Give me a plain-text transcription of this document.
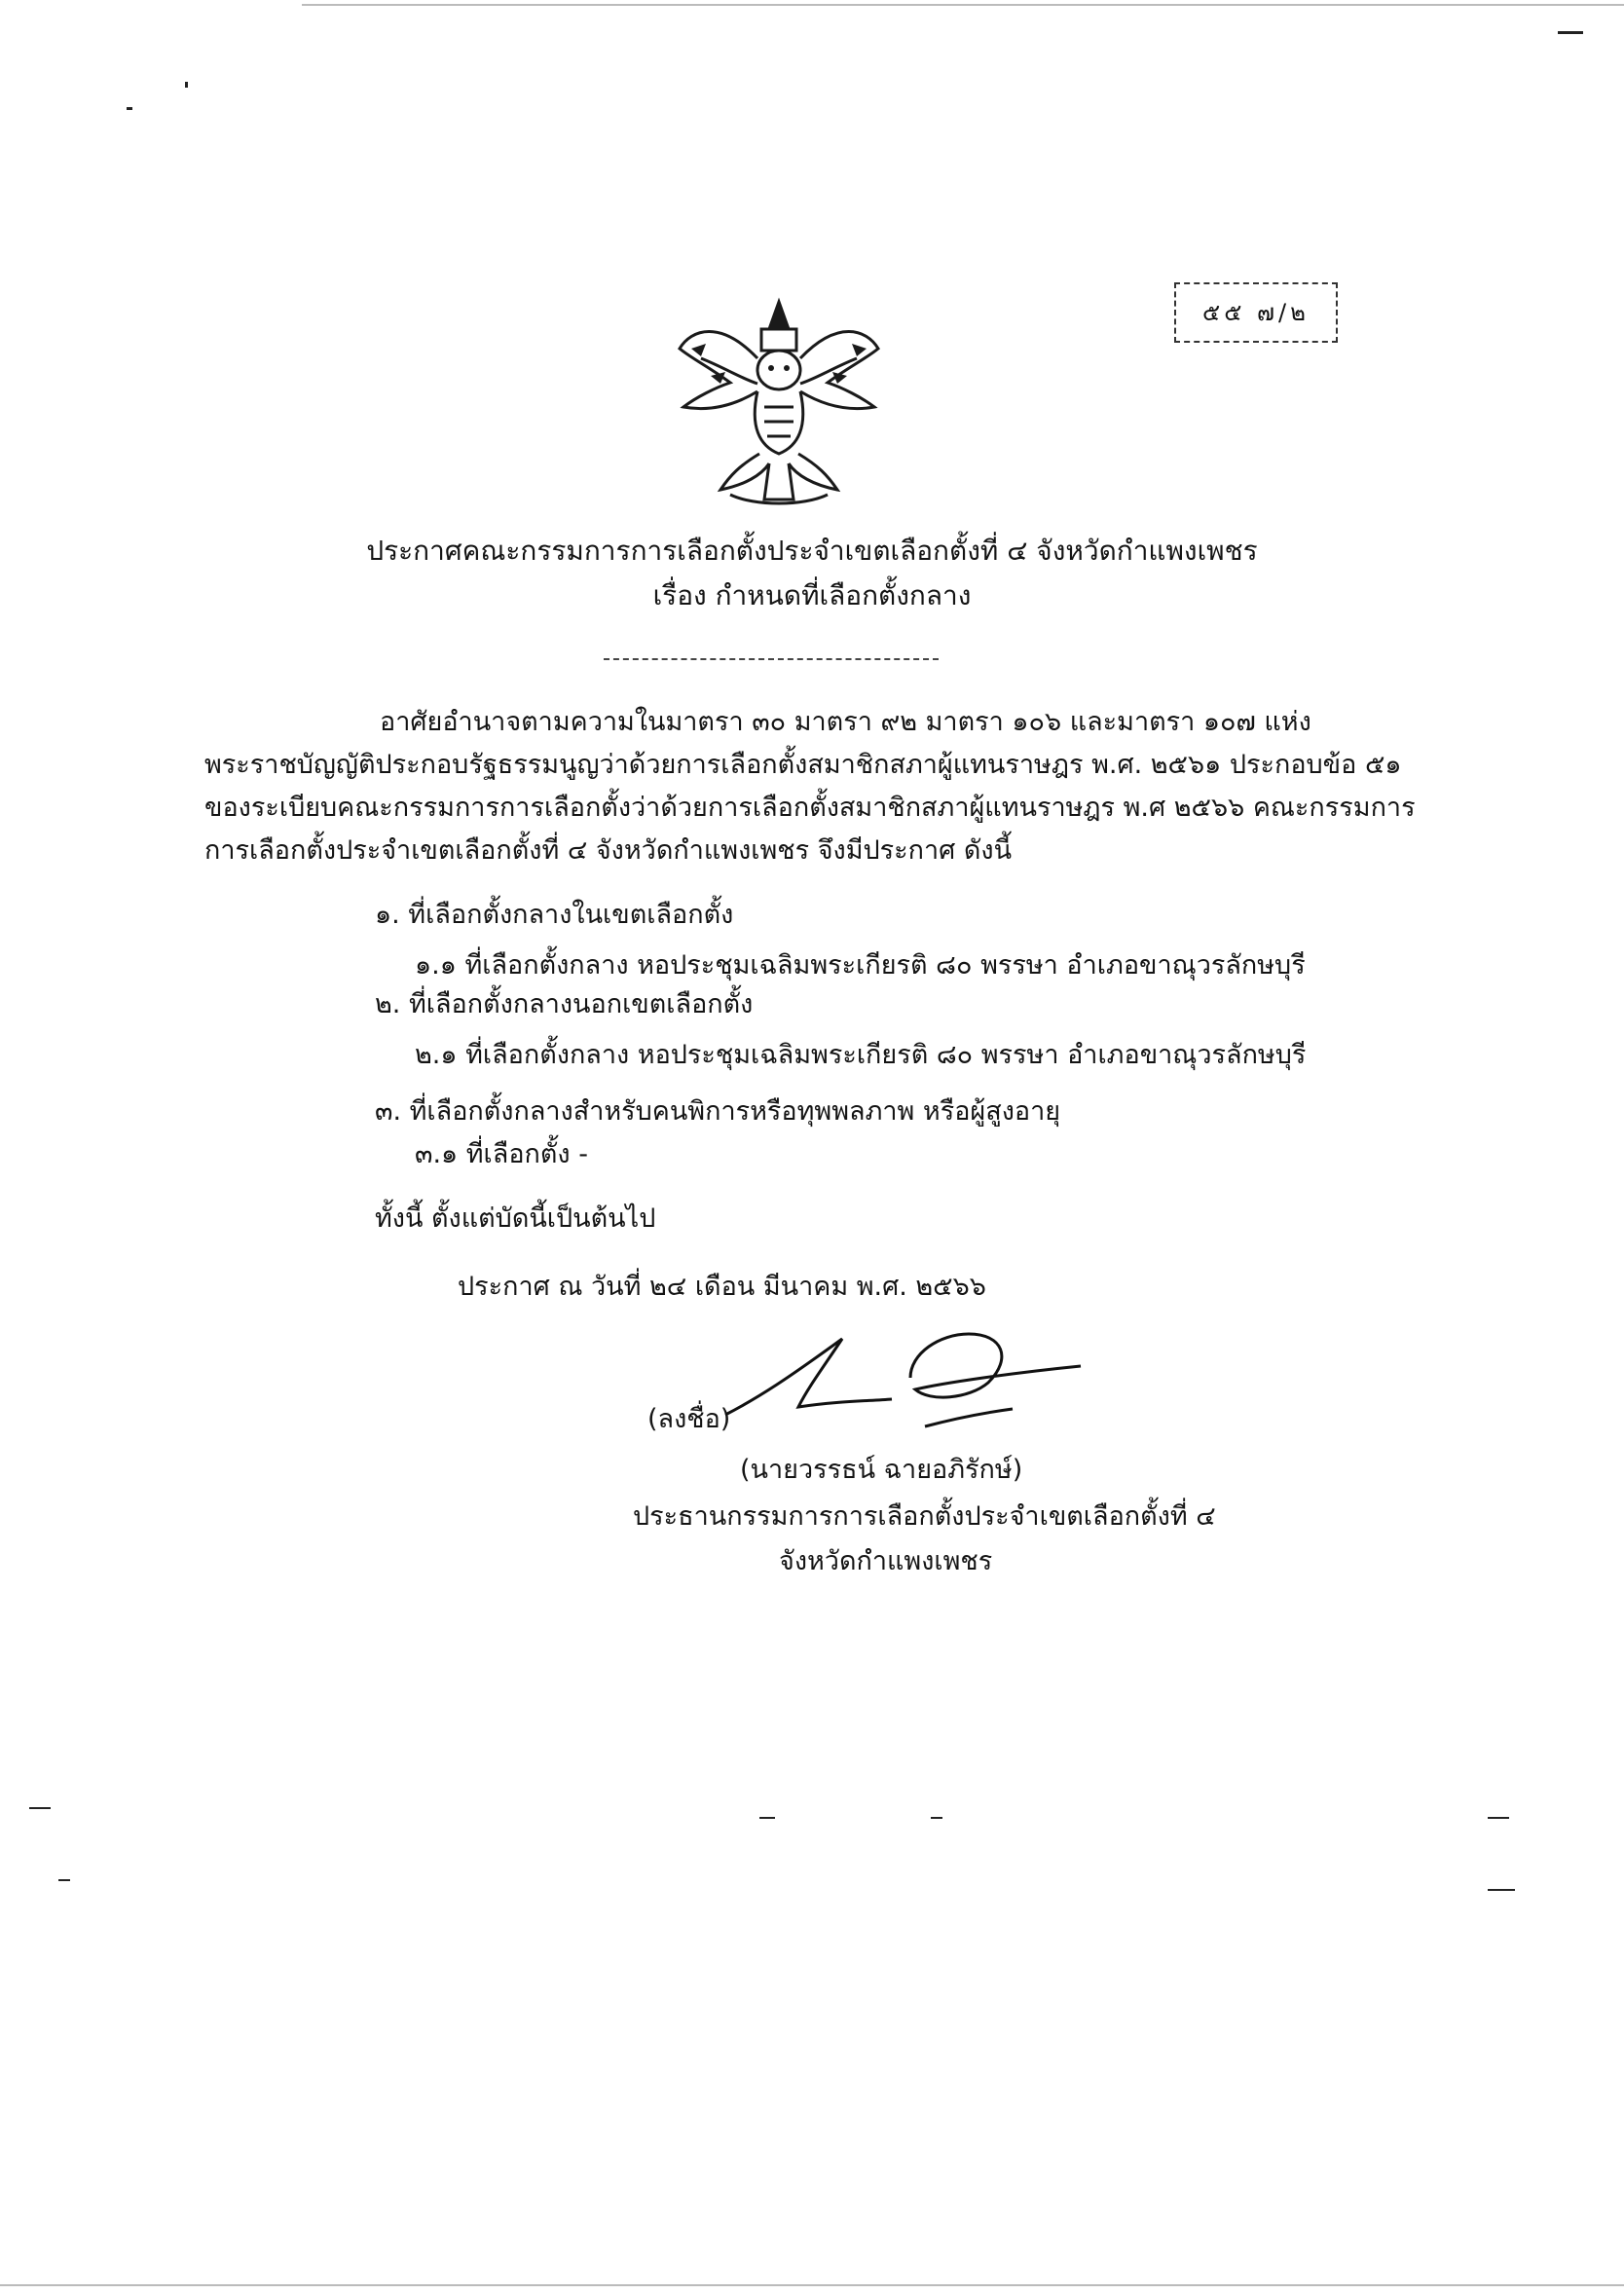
๕๕ ๗/๒
ประกาศคณะกรรมการการเลือกตั้งประจำเขตเลือกตั้งที่ ๔ จังหวัดกำแพงเพชร
เรื่อง กำหนดที่เลือกตั้งกลาง
อาศัยอำนาจตามความในมาตรา ๓๐ มาตรา ๙๒ มาตรา ๑๐๖ และมาตรา ๑๐๗ แห่ง
พระราชบัญญัติประกอบรัฐธรรมนูญว่าด้วยการเลือกตั้งสมาชิกสภาผู้แทนราษฎร พ.ศ. ๒๕๖๑ ประกอบข้อ ๕๑
ของระเบียบคณะกรรมการการเลือกตั้งว่าด้วยการเลือกตั้งสมาชิกสภาผู้แทนราษฎร พ.ศ ๒๕๖๖ คณะกรรมการ
การเลือกตั้งประจำเขตเลือกตั้งที่ ๔ จังหวัดกำแพงเพชร จึงมีประกาศ ดังนี้
๑. ที่เลือกตั้งกลางในเขตเลือกตั้ง
๑.๑ ที่เลือกตั้งกลาง หอประชุมเฉลิมพระเกียรติ ๘๐ พรรษา อำเภอขาณุวรลักษบุรี
๒. ที่เลือกตั้งกลางนอกเขตเลือกตั้ง
๒.๑ ที่เลือกตั้งกลาง หอประชุมเฉลิมพระเกียรติ ๘๐ พรรษา อำเภอขาณุวรลักษบุรี
๓. ที่เลือกตั้งกลางสำหรับคนพิการหรือทุพพลภาพ หรือผู้สูงอายุ
๓.๑ ที่เลือกตั้ง -
ทั้งนี้ ตั้งแต่บัดนี้เป็นต้นไป
ประกาศ ณ วันที่ ๒๔ เดือน มีนาคม พ.ศ. ๒๕๖๖
(ลงชื่อ)
(นายวรรธน์ ฉายอภิรักษ์)
ประธานกรรมการการเลือกตั้งประจำเขตเลือกตั้งที่ ๔
จังหวัดกำแพงเพชร
